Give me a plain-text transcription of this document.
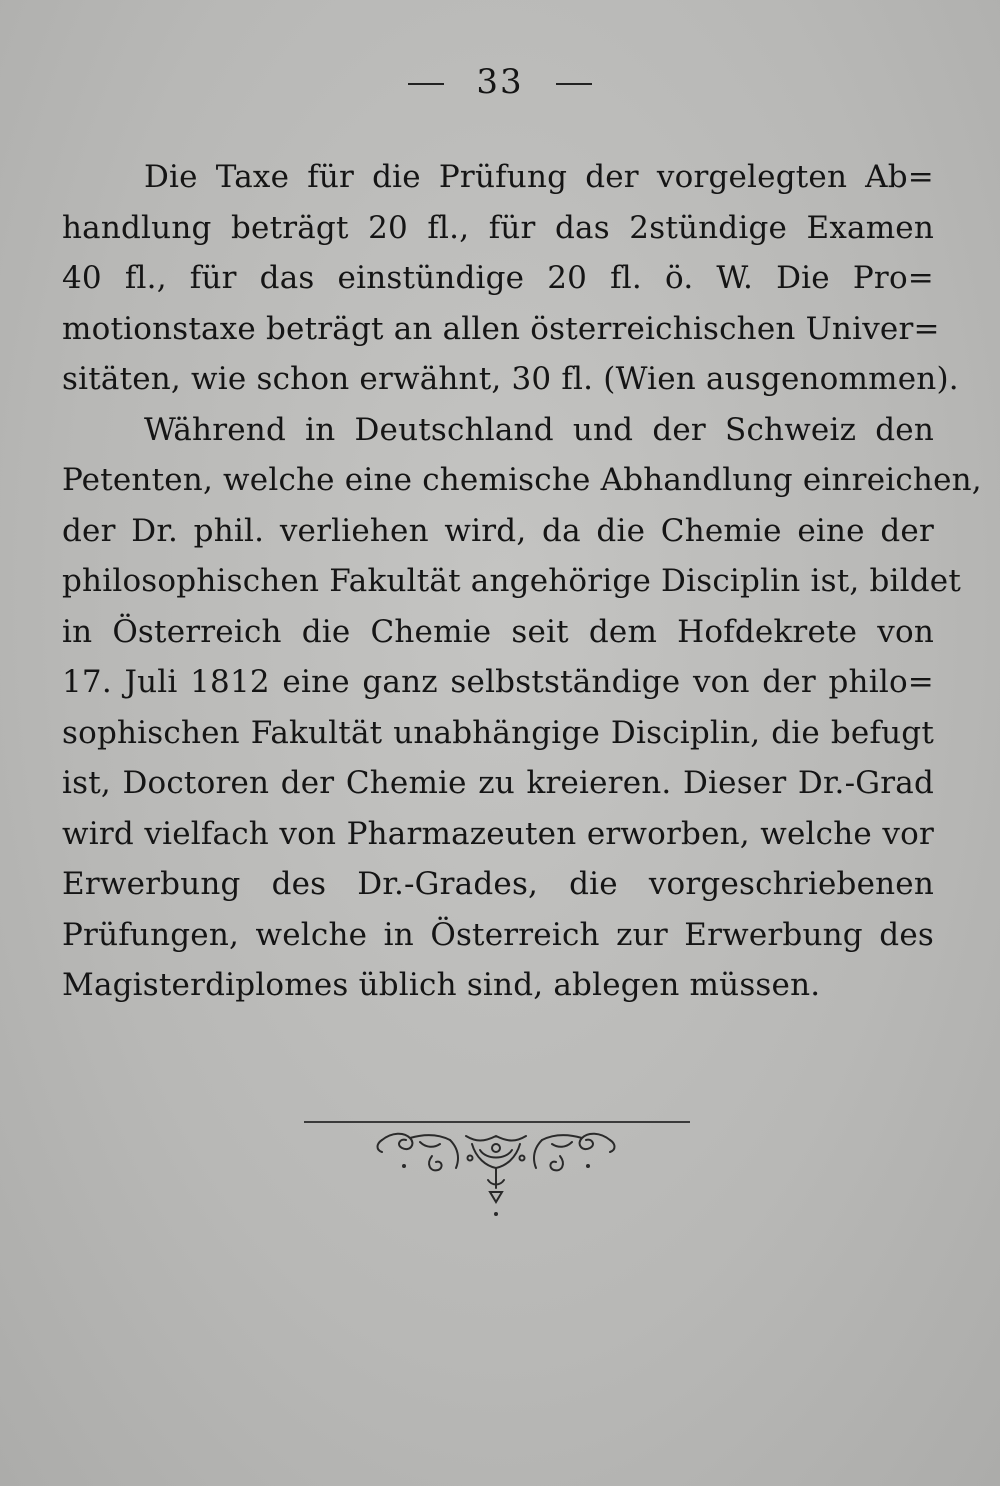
33
Die Taxe für die Prüfung der vorgelegten Ab=
handlung beträgt 20 fl., für das 2stündige Examen
40 fl., für das einstündige 20 fl. ö. W. Die Pro=
motionstaxe beträgt an allen österreichischen Univer=
sitäten, wie schon erwähnt, 30 fl. (Wien ausgenommen).
Während in Deutschland und der Schweiz den
Petenten, welche eine chemische Abhandlung einreichen,
der Dr. phil. verliehen wird, da die Chemie eine der
philosophischen Fakultät angehörige Disciplin ist, bildet
in Österreich die Chemie seit dem Hofdekrete von
17. Juli 1812 eine ganz selbstständige von der philo=
sophischen Fakultät unabhängige Disciplin, die befugt
ist, Doctoren der Chemie zu kreieren. Dieser Dr.-Grad
wird vielfach von Pharmazeuten erworben, welche vor
Erwerbung des Dr.-Grades, die vorgeschriebenen
Prüfungen, welche in Österreich zur Erwerbung des
Magisterdiplomes üblich sind, ablegen müssen.
